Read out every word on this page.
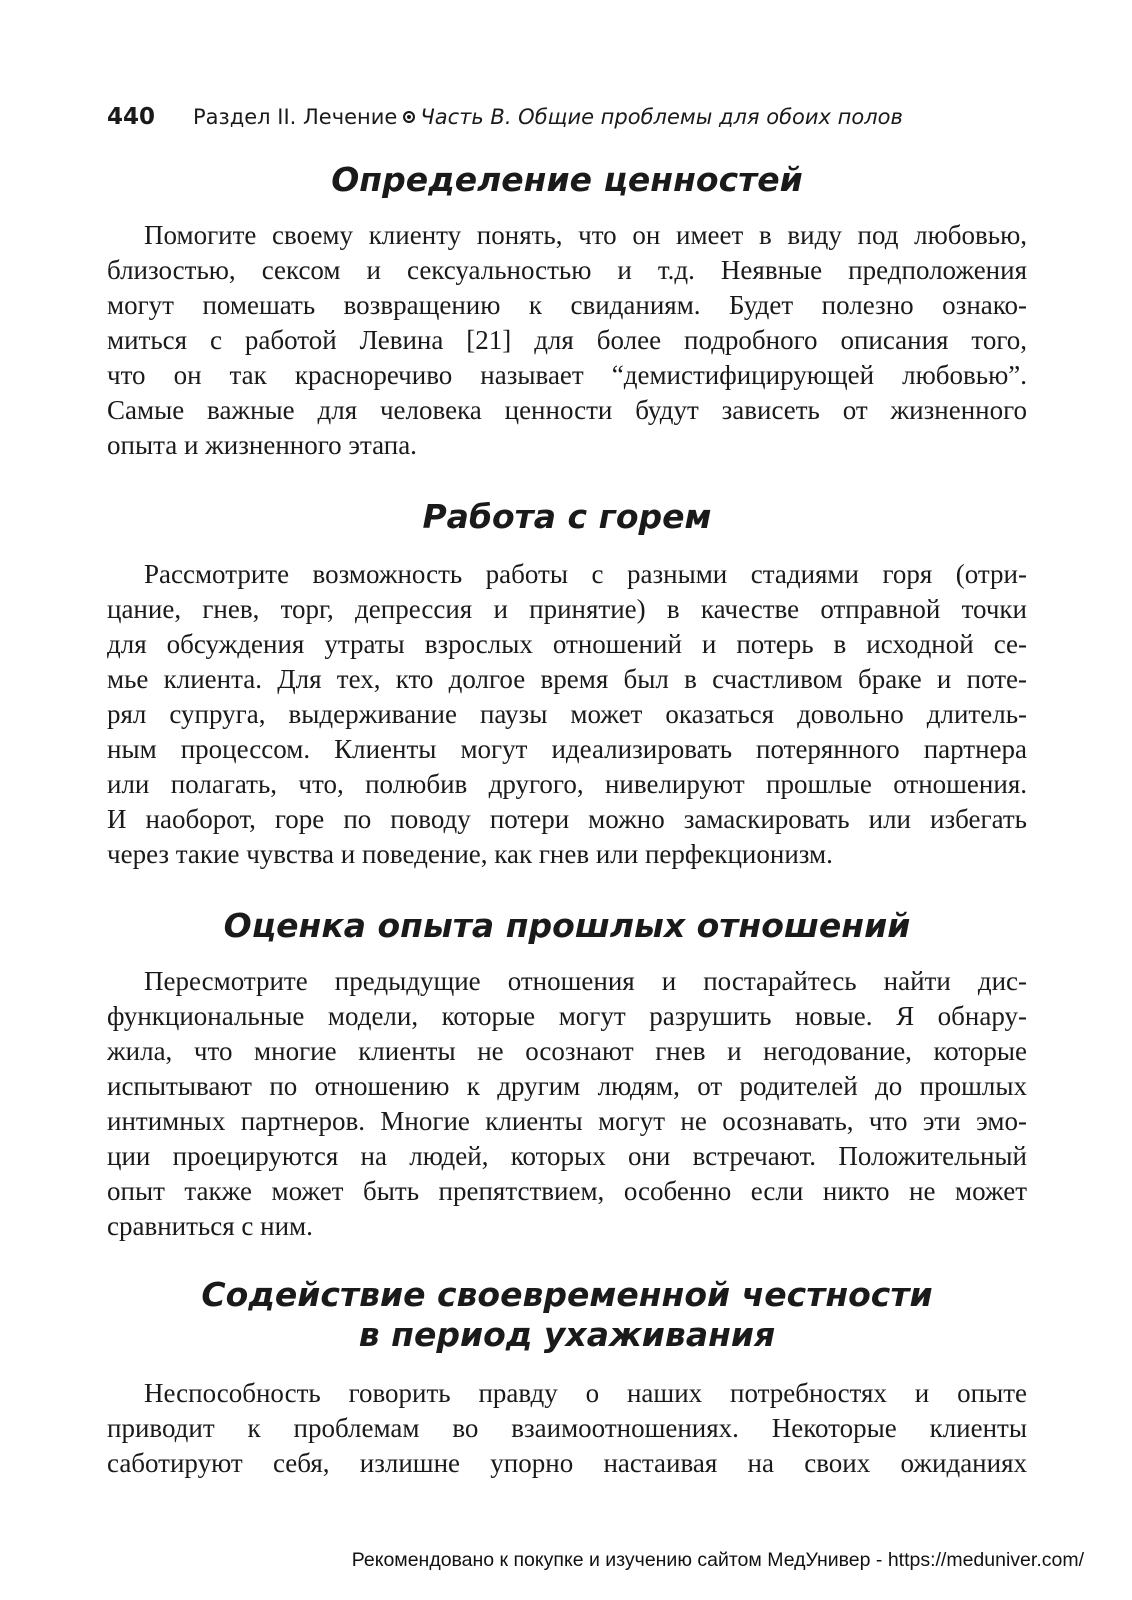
440 Раздел II. Лечение Часть B. Общие проблемы для обоих полов
Определение ценностей
Помогите своему клиенту понять, что он имеет в виду под любовью,
близостью, сексом и сексуальностью и т.д. Неявные предположения
могут помешать возвращению к свиданиям. Будет полезно ознако-
миться с работой Левина [21] для более подробного описания того,
что он так красноречиво называет “демистифицирующей любовью”.
Самые важные для человека ценности будут зависеть от жизненного
опыта и жизненного этапа.
Работа с горем
Рассмотрите возможность работы с разными стадиями горя (отри-
цание, гнев, торг, депрессия и принятие) в качестве отправной точки
для обсуждения утраты взрослых отношений и потерь в исходной се-
мье клиента. Для тех, кто долгое время был в счастливом браке и поте-
рял супруга, выдерживание паузы может оказаться довольно длитель-
ным процессом. Клиенты могут идеализировать потерянного партнера
или полагать, что, полюбив другого, нивелируют прошлые отношения.
И наоборот, горе по поводу потери можно замаскировать или избегать
через такие чувства и поведение, как гнев или перфекционизм.
Оценка опыта прошлых отношений
Пересмотрите предыдущие отношения и постарайтесь найти дис-
функциональные модели, которые могут разрушить новые. Я обнару-
жила, что многие клиенты не осознают гнев и негодование, которые
испытывают по отношению к другим людям, от родителей до прошлых
интимных партнеров. Многие клиенты могут не осознавать, что эти эмо-
ции проецируются на людей, которых они встречают. Положительный
опыт также может быть препятствием, особенно если никто не может
сравниться с ним.
Содействие своевременной честности
в период ухаживания
Неспособность говорить правду о наших потребностях и опыте
приводит к проблемам во взаимоотношениях. Некоторые клиенты
саботируют себя, излишне упорно настаивая на своих ожиданиях
Рекомендовано к покупке и изучению сайтом МедУнивер - https://meduniver.com/
